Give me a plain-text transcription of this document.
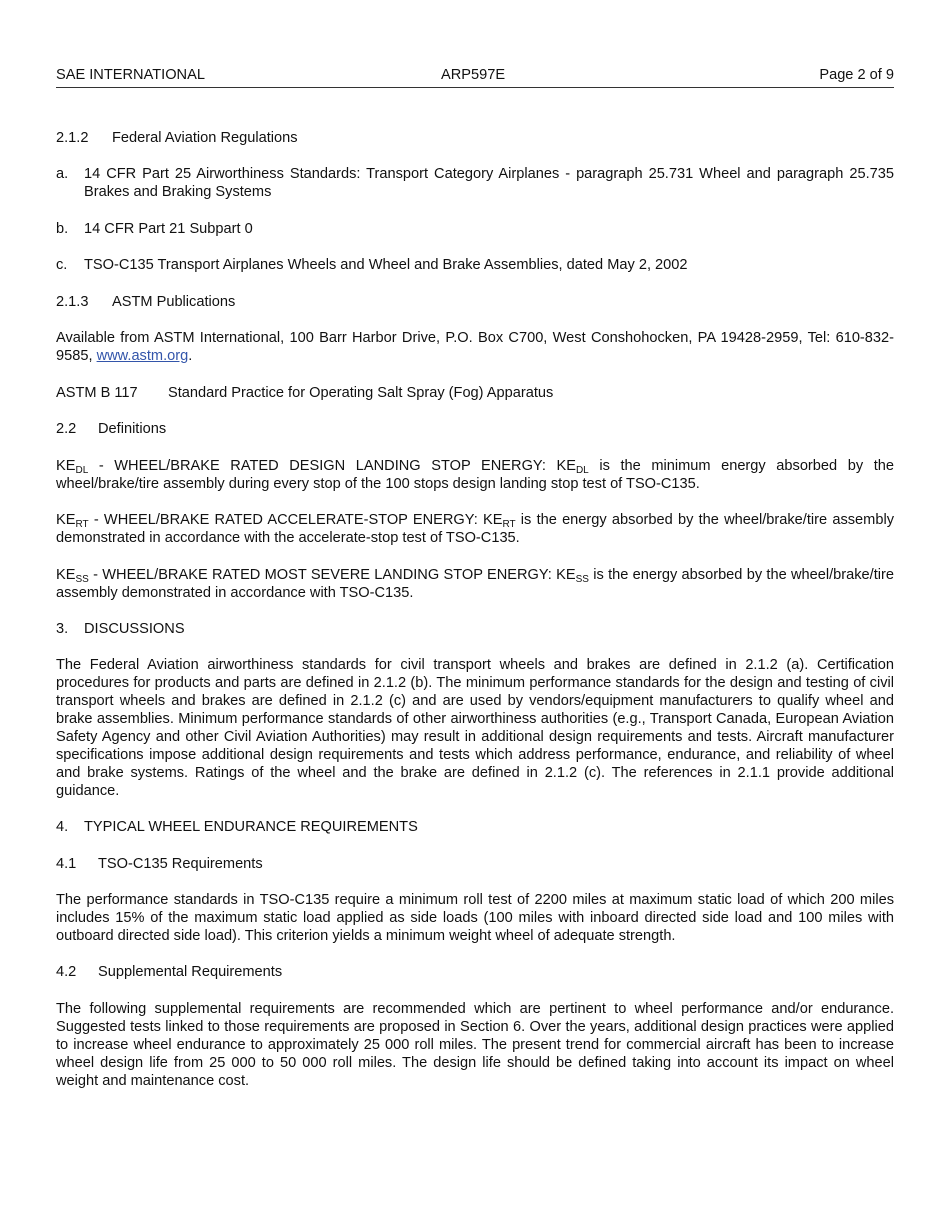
SAE INTERNATIONAL	ARP597E	Page 2 of 9
2.1.2 Federal Aviation Regulations
a. 14 CFR Part 25 Airworthiness Standards: Transport Category Airplanes - paragraph 25.731 Wheel and paragraph 25.735 Brakes and Braking Systems
b. 14 CFR Part 21 Subpart 0
c. TSO-C135 Transport Airplanes Wheels and Wheel and Brake Assemblies, dated May 2, 2002
2.1.3 ASTM Publications
Available from ASTM International, 100 Barr Harbor Drive, P.O. Box C700, West Conshohocken, PA 19428-2959, Tel: 610-832-9585, www.astm.org.
ASTM B 117 Standard Practice for Operating Salt Spray (Fog) Apparatus
2.2 Definitions
$KE_{DL}$ - WHEEL/BRAKE RATED DESIGN LANDING STOP ENERGY: $KE_{DL}$ is the minimum energy absorbed by the wheel/brake/tire assembly during every stop of the 100 stops design landing stop test of TSO-C135.
$KE_{RT}$ - WHEEL/BRAKE RATED ACCELERATE-STOP ENERGY: $KE_{RT}$ is the energy absorbed by the wheel/brake/tire assembly demonstrated in accordance with the accelerate-stop test of TSO-C135.
$KE_{SS}$ - WHEEL/BRAKE RATED MOST SEVERE LANDING STOP ENERGY: $KE_{SS}$ is the energy absorbed by the wheel/brake/tire assembly demonstrated in accordance with TSO-C135.
3. DISCUSSIONS
The Federal Aviation airworthiness standards for civil transport wheels and brakes are defined in 2.1.2 (a). Certification procedures for products and parts are defined in 2.1.2 (b). The minimum performance standards for the design and testing of civil transport wheels and brakes are defined in 2.1.2 (c) and are used by vendors/equipment manufacturers to qualify wheel and brake assemblies. Minimum performance standards of other airworthiness authorities (e.g., Transport Canada, European Aviation Safety Agency and other Civil Aviation Authorities) may result in additional design requirements and tests. Aircraft manufacturer specifications impose additional design requirements and tests which address performance, endurance, and reliability of wheel and brake systems. Ratings of the wheel and the brake are defined in 2.1.2 (c). The references in 2.1.1 provide additional guidance.
4. TYPICAL WHEEL ENDURANCE REQUIREMENTS
4.1 TSO-C135 Requirements
The performance standards in TSO-C135 require a minimum roll test of 2200 miles at maximum static load of which 200 miles includes 15% of the maximum static load applied as side loads (100 miles with inboard directed side load and 100 miles with outboard directed side load). This criterion yields a minimum weight wheel of adequate strength.
4.2 Supplemental Requirements
The following supplemental requirements are recommended which are pertinent to wheel performance and/or endurance. Suggested tests linked to those requirements are proposed in Section 6. Over the years, additional design practices were applied to increase wheel endurance to approximately 25 000 roll miles. The present trend for commercial aircraft has been to increase wheel design life from 25 000 to 50 000 roll miles. The design life should be defined taking into account its impact on wheel weight and maintenance cost.
